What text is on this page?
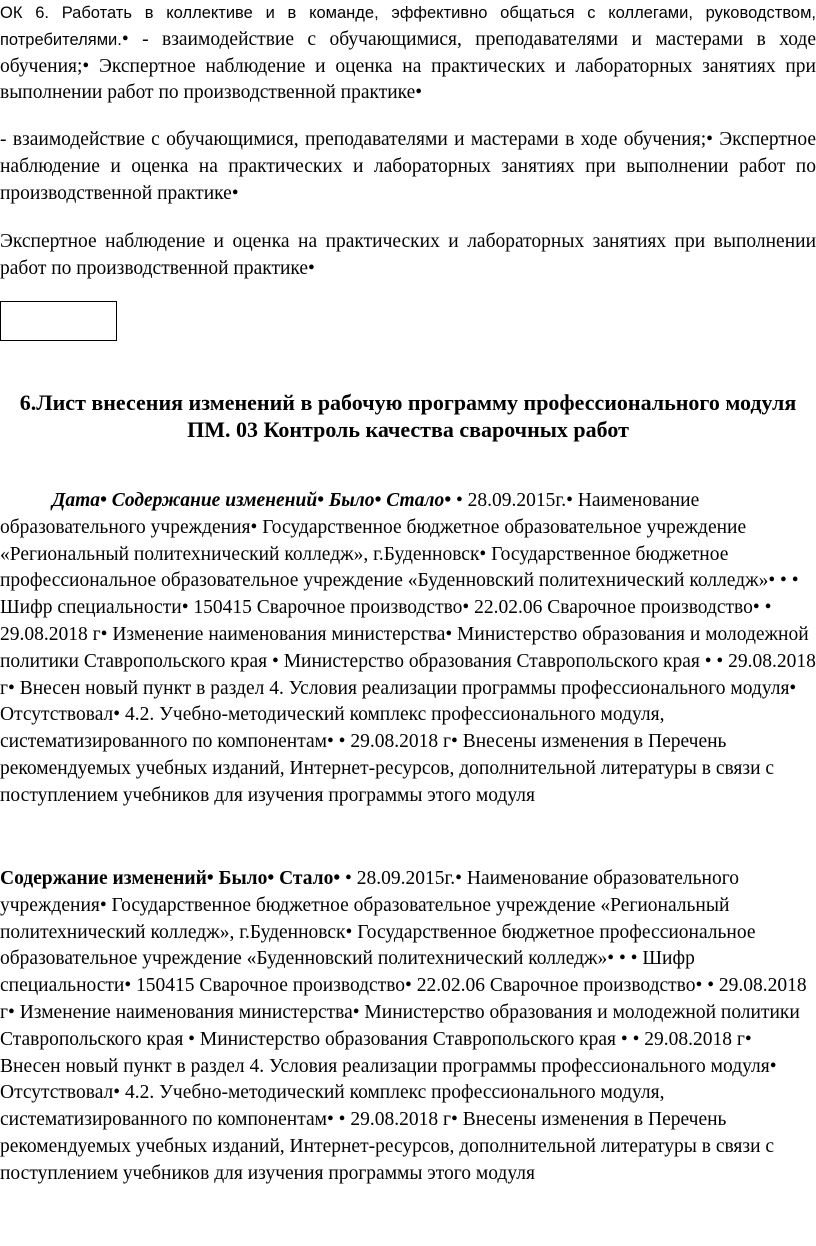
ОК 6. Работать в коллективе и в команде, эффективно общаться с коллегами, руководством, потребителями.• - взаимодействие с обучающимися, преподавателями и мастерами в ходе обучения;• Экспертное наблюдение и оценка на практических и лабораторных занятиях при выполнении работ по производственной практике•

- взаимодействие с обучающимися, преподавателями и мастерами в ходе обучения;• Экспертное наблюдение и оценка на практических и лабораторных занятиях при выполнении работ по производственной практике•

Экспертное наблюдение и оценка на практических и лабораторных занятиях при выполнении работ по производственной практике•

6.Лист внесения изменений в рабочую программу профессионального модуля
ПМ. 03 Контроль качества сварочных работ

Дата• Содержание изменений• Было• Стало• • 28.09.2015г.• Наименование образовательного учреждения• Государственное бюджетное образовательное учреждение «Региональный политехнический колледж», г.Буденновск• Государственное бюджетное профессиональное образовательное учреждение «Буденновский политехнический колледж»• • • Шифр специальности• 150415 Сварочное производство• 22.02.06 Сварочное производство• • 29.08.2018 г• Изменение наименования министерства• Министерство образования и молодежной политики Ставропольского края • Министерство образования Ставропольского края • • 29.08.2018 г• Внесен новый пункт в раздел 4. Условия реализации программы профессионального модуля• Отсутствовал• 4.2. Учебно-методический комплекс профессионального модуля, систематизированного по компонентам• • 29.08.2018 г• Внесены изменения в Перечень рекомендуемых учебных изданий, Интернет-ресурсов, дополнительной литературы в связи с поступлением учебников для изучения программы этого модуля

Содержание изменений• Было• Стало• • 28.09.2015г.• Наименование образовательного учреждения• Государственное бюджетное образовательное учреждение «Региональный политехнический колледж», г.Буденновск• Государственное бюджетное профессиональное образовательное учреждение «Буденновский политехнический колледж»• • • Шифр специальности• 150415 Сварочное производство• 22.02.06 Сварочное производство• • 29.08.2018 г• Изменение наименования министерства• Министерство образования и молодежной политики Ставропольского края • Министерство образования Ставропольского края • • 29.08.2018 г• Внесен новый пункт в раздел 4. Условия реализации программы профессионального модуля• Отсутствовал• 4.2. Учебно-методический комплекс профессионального модуля, систематизированного по компонентам• • 29.08.2018 г• Внесены изменения в Перечень рекомендуемых учебных изданий, Интернет-ресурсов, дополнительной литературы в связи с поступлением учебников для изучения программы этого модуля
